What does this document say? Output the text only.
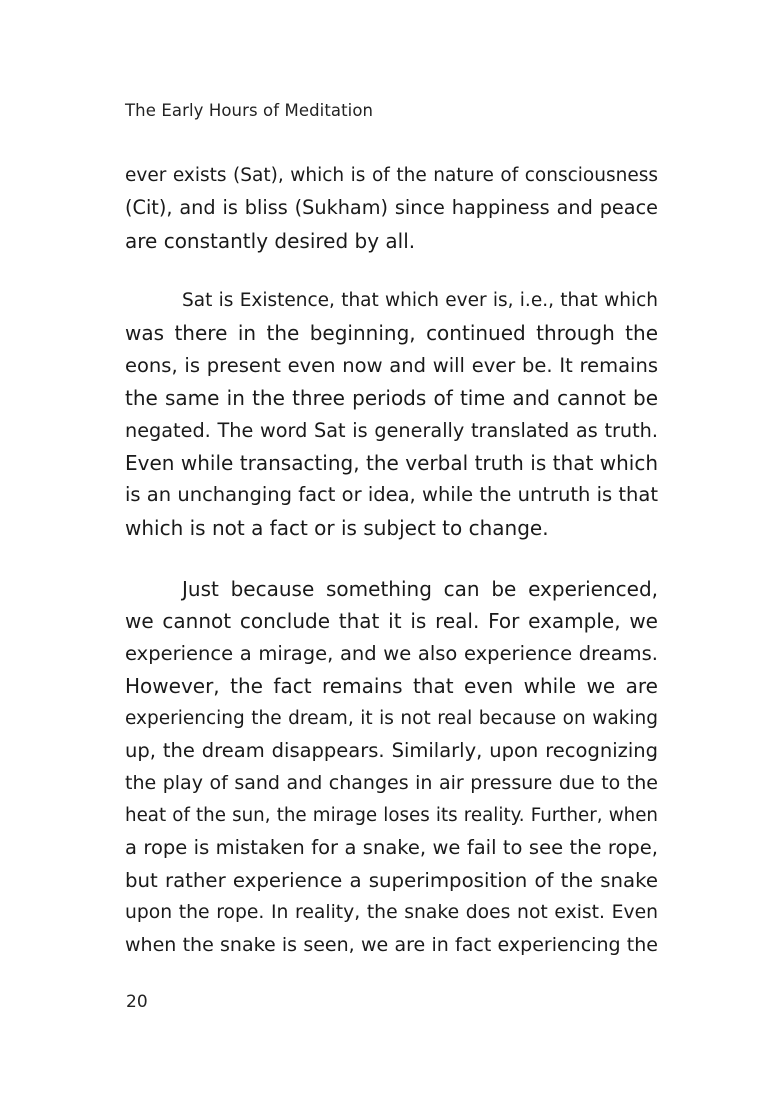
The Early Hours of Meditation
ever exists (Sat), which is of the nature of consciousness
(Cit), and is bliss (Sukham) since happiness and peace
are constantly desired by all.
Sat is Existence, that which ever is, i.e., that which
was there in the beginning, continued through the
eons, is present even now and will ever be. It remains
the same in the three periods of time and cannot be
negated. The word Sat is generally translated as truth.
Even while transacting, the verbal truth is that which
is an unchanging fact or idea, while the untruth is that
which is not a fact or is subject to change.
Just because something can be experienced,
we cannot conclude that it is real. For example, we
experience a mirage, and we also experience dreams.
However, the fact remains that even while we are
experiencing the dream, it is not real because on waking
up, the dream disappears. Similarly, upon recognizing
the play of sand and changes in air pressure due to the
heat of the sun, the mirage loses its reality. Further, when
a rope is mistaken for a snake, we fail to see the rope,
but rather experience a superimposition of the snake
upon the rope. In reality, the snake does not exist. Even
when the snake is seen, we are in fact experiencing the
20
